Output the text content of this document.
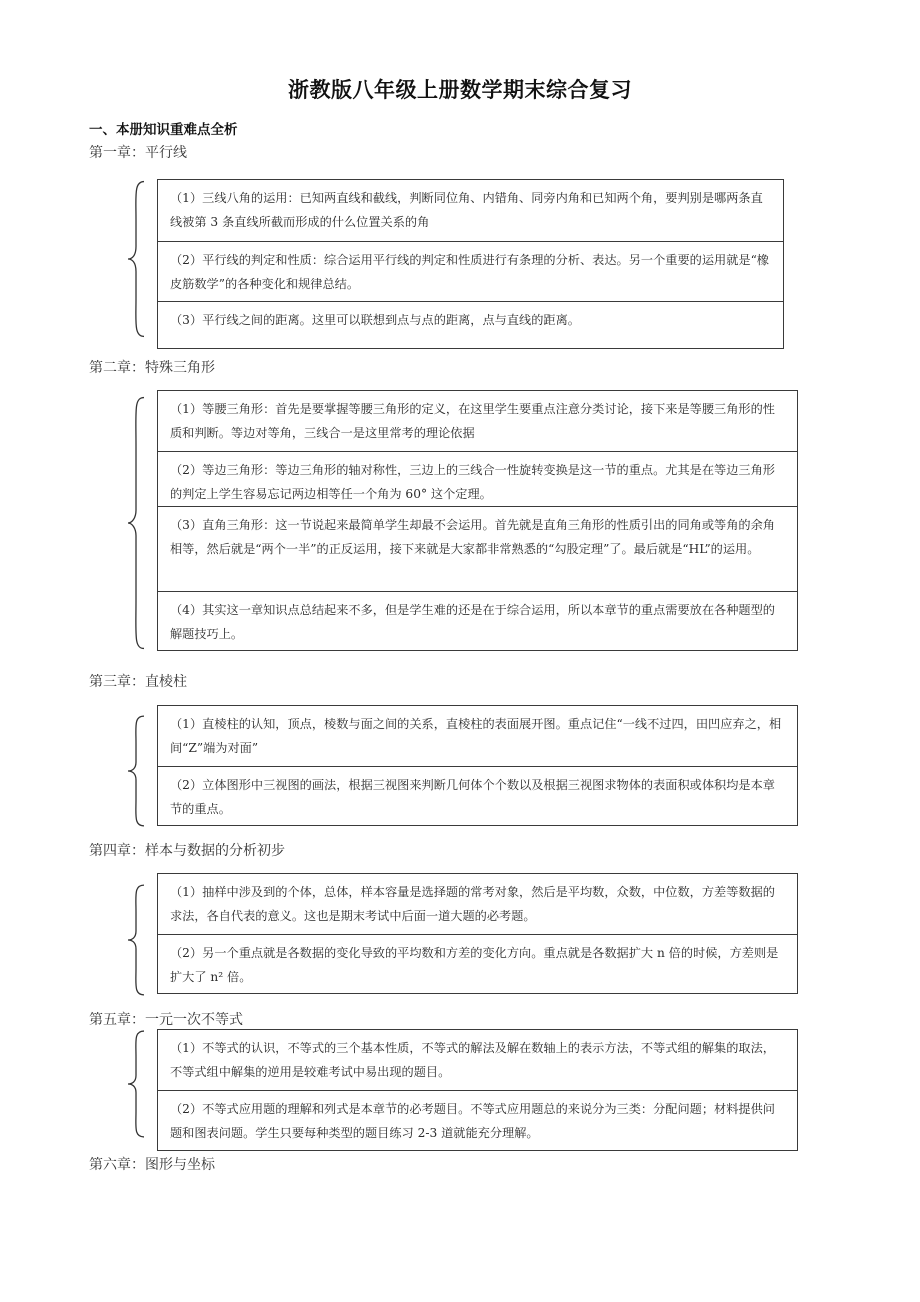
浙教版八年级上册数学期末综合复习
一、本册知识重难点全析
第一章：平行线
（1）三线八角的运用：已知两直线和截线，判断同位角、内错角、同旁内角和已知两个角，要判别是哪两条直线被第 3 条直线所截而形成的什么位置关系的角
（2）平行线的判定和性质：综合运用平行线的判定和性质进行有条理的分析、表达。另一个重要的运用就是“橡皮筋数学”的各种变化和规律总结。
（3）平行线之间的距离。这里可以联想到点与点的距离，点与直线的距离。
第二章：特殊三角形
（1）等腰三角形：首先是要掌握等腰三角形的定义，在这里学生要重点注意分类讨论，接下来是等腰三角形的性质和判断。等边对等角，三线合一是这里常考的理论依据
（2）等边三角形：等边三角形的轴对称性，三边上的三线合一性旋转变换是这一节的重点。尤其是在等边三角形的判定上学生容易忘记两边相等任一个角为 60° 这个定理。
（3）直角三角形：这一节说起来最简单学生却最不会运用。首先就是直角三角形的性质引出的同角或等角的余角相等，然后就是“两个一半”的正反运用，接下来就是大家都非常熟悉的“勾股定理”了。最后就是“HL”的运用。
（4）其实这一章知识点总结起来不多，但是学生难的还是在于综合运用，所以本章节的重点需要放在各种题型的解题技巧上。
第三章：直棱柱
（1）直棱柱的认知，顶点，棱数与面之间的关系，直棱柱的表面展开图。重点记住“一线不过四，田凹应弃之，相间“Z”端为对面”
（2）立体图形中三视图的画法，根据三视图来判断几何体个个数以及根据三视图求物体的表面积或体积均是本章节的重点。
第四章：样本与数据的分析初步
（1）抽样中涉及到的个体，总体，样本容量是选择题的常考对象，然后是平均数，众数，中位数，方差等数据的求法，各自代表的意义。这也是期末考试中后面一道大题的必考题。
（2）另一个重点就是各数据的变化导致的平均数和方差的变化方向。重点就是各数据扩大 n 倍的时候，方差则是扩大了 n² 倍。
第五章：一元一次不等式
（1）不等式的认识，不等式的三个基本性质，不等式的解法及解在数轴上的表示方法，不等式组的解集的取法，不等式组中解集的逆用是较难考试中易出现的题目。
（2）不等式应用题的理解和列式是本章节的必考题目。不等式应用题总的来说分为三类：分配问题；材料提供问题和图表问题。学生只要每种类型的题目练习 2-3 道就能充分理解。
第六章：图形与坐标
